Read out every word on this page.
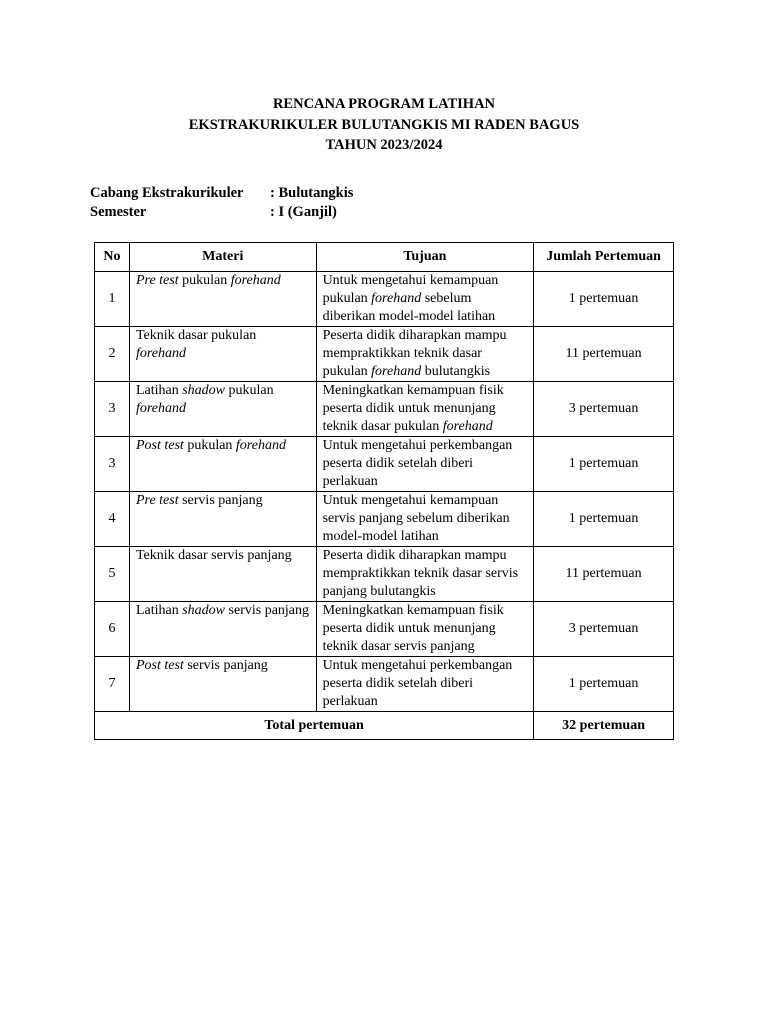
RENCANA PROGRAM LATIHAN
EKSTRAKURIKULER BULUTANGKIS MI RADEN BAGUS
TAHUN 2023/2024
Cabang Ekstrakurikuler	: Bulutangkis
Semester	: I (Ganjil)
No	Materi	Tujuan	Jumlah Pertemuan
1	Pre test pukulan forehand	Untuk mengetahui kemampuan pukulan forehand sebelum diberikan model-model latihan	1 pertemuan
2	Teknik dasar pukulan forehand	Peserta didik diharapkan mampu mempraktikkan teknik dasar pukulan forehand bulutangkis	11 pertemuan
3	Latihan shadow pukulan forehand	Meningkatkan kemampuan fisik peserta didik untuk menunjang teknik dasar pukulan forehand	3 pertemuan
3	Post test pukulan forehand	Untuk mengetahui perkembangan peserta didik setelah diberi perlakuan	1 pertemuan
4	Pre test servis panjang	Untuk mengetahui kemampuan servis panjang sebelum diberikan model-model latihan	1 pertemuan
5	Teknik dasar servis panjang	Peserta didik diharapkan mampu mempraktikkan teknik dasar servis panjang bulutangkis	11 pertemuan
6	Latihan shadow servis panjang	Meningkatkan kemampuan fisik peserta didik untuk menunjang teknik dasar servis panjang	3 pertemuan
7	Post test servis panjang	Untuk mengetahui perkembangan peserta didik setelah diberi perlakuan	1 pertemuan
Total pertemuan			32 pertemuan
